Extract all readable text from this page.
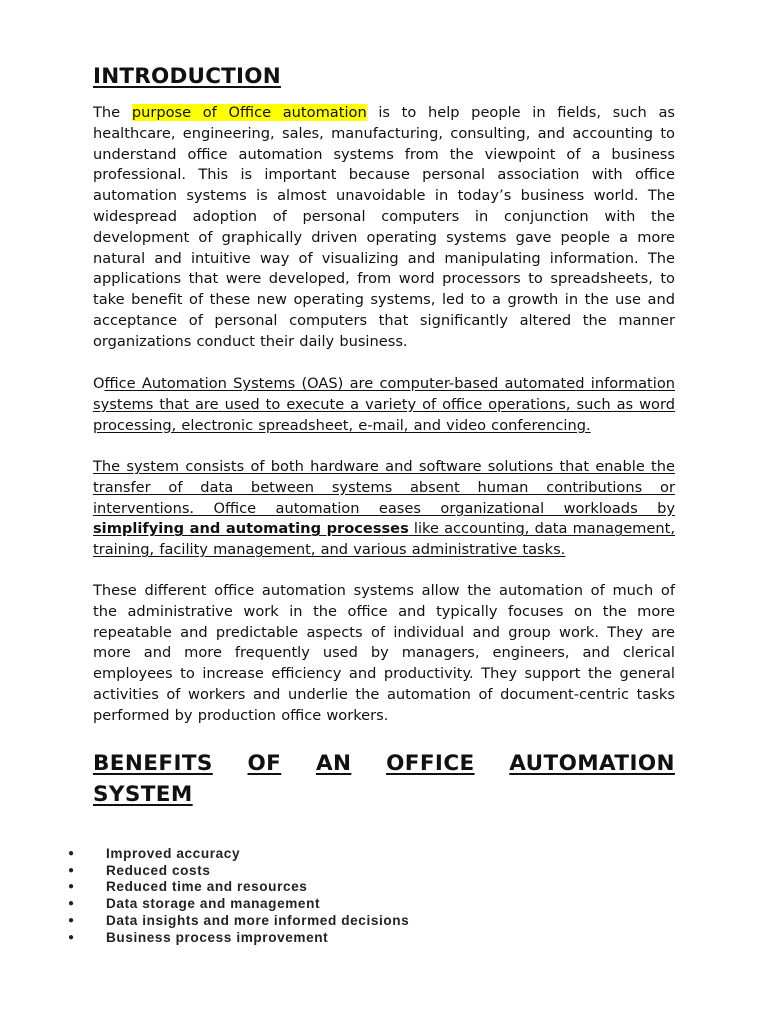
INTRODUCTION

The purpose of Office automation is to help people in fields, such as healthcare, engineering, sales, manufacturing, consulting, and accounting to understand office automation systems from the viewpoint of a business professional. This is important because personal association with office automation systems is almost unavoidable in today’s business world. The widespread adoption of personal computers in conjunction with the development of graphically driven operating systems gave people a more natural and intuitive way of visualizing and manipulating information. The applications that were developed, from word processors to spreadsheets, to take benefit of these new operating systems, led to a growth in the use and acceptance of personal computers that significantly altered the manner organizations conduct their daily business.

Office Automation Systems (OAS) are computer-based automated information systems that are used to execute a variety of office operations, such as word processing, electronic spreadsheet, e-mail, and video conferencing.

The system consists of both hardware and software solutions that enable the transfer of data between systems absent human contributions or interventions. Office automation eases organizational workloads by simplifying and automating processes like accounting, data management, training, facility management, and various administrative tasks.

These different office automation systems allow the automation of much of the administrative work in the office and typically focuses on the more repeatable and predictable aspects of individual and group work. They are more and more frequently used by managers, engineers, and clerical employees to increase efficiency and productivity. They support the general activities of workers and underlie the automation of document-centric tasks performed by production office workers.

BENEFITS OF AN OFFICE AUTOMATION
SYSTEM
● Improved accuracy
● Reduced costs
● Reduced time and resources
● Data storage and management
● Data insights and more informed decisions
● Business process improvement
